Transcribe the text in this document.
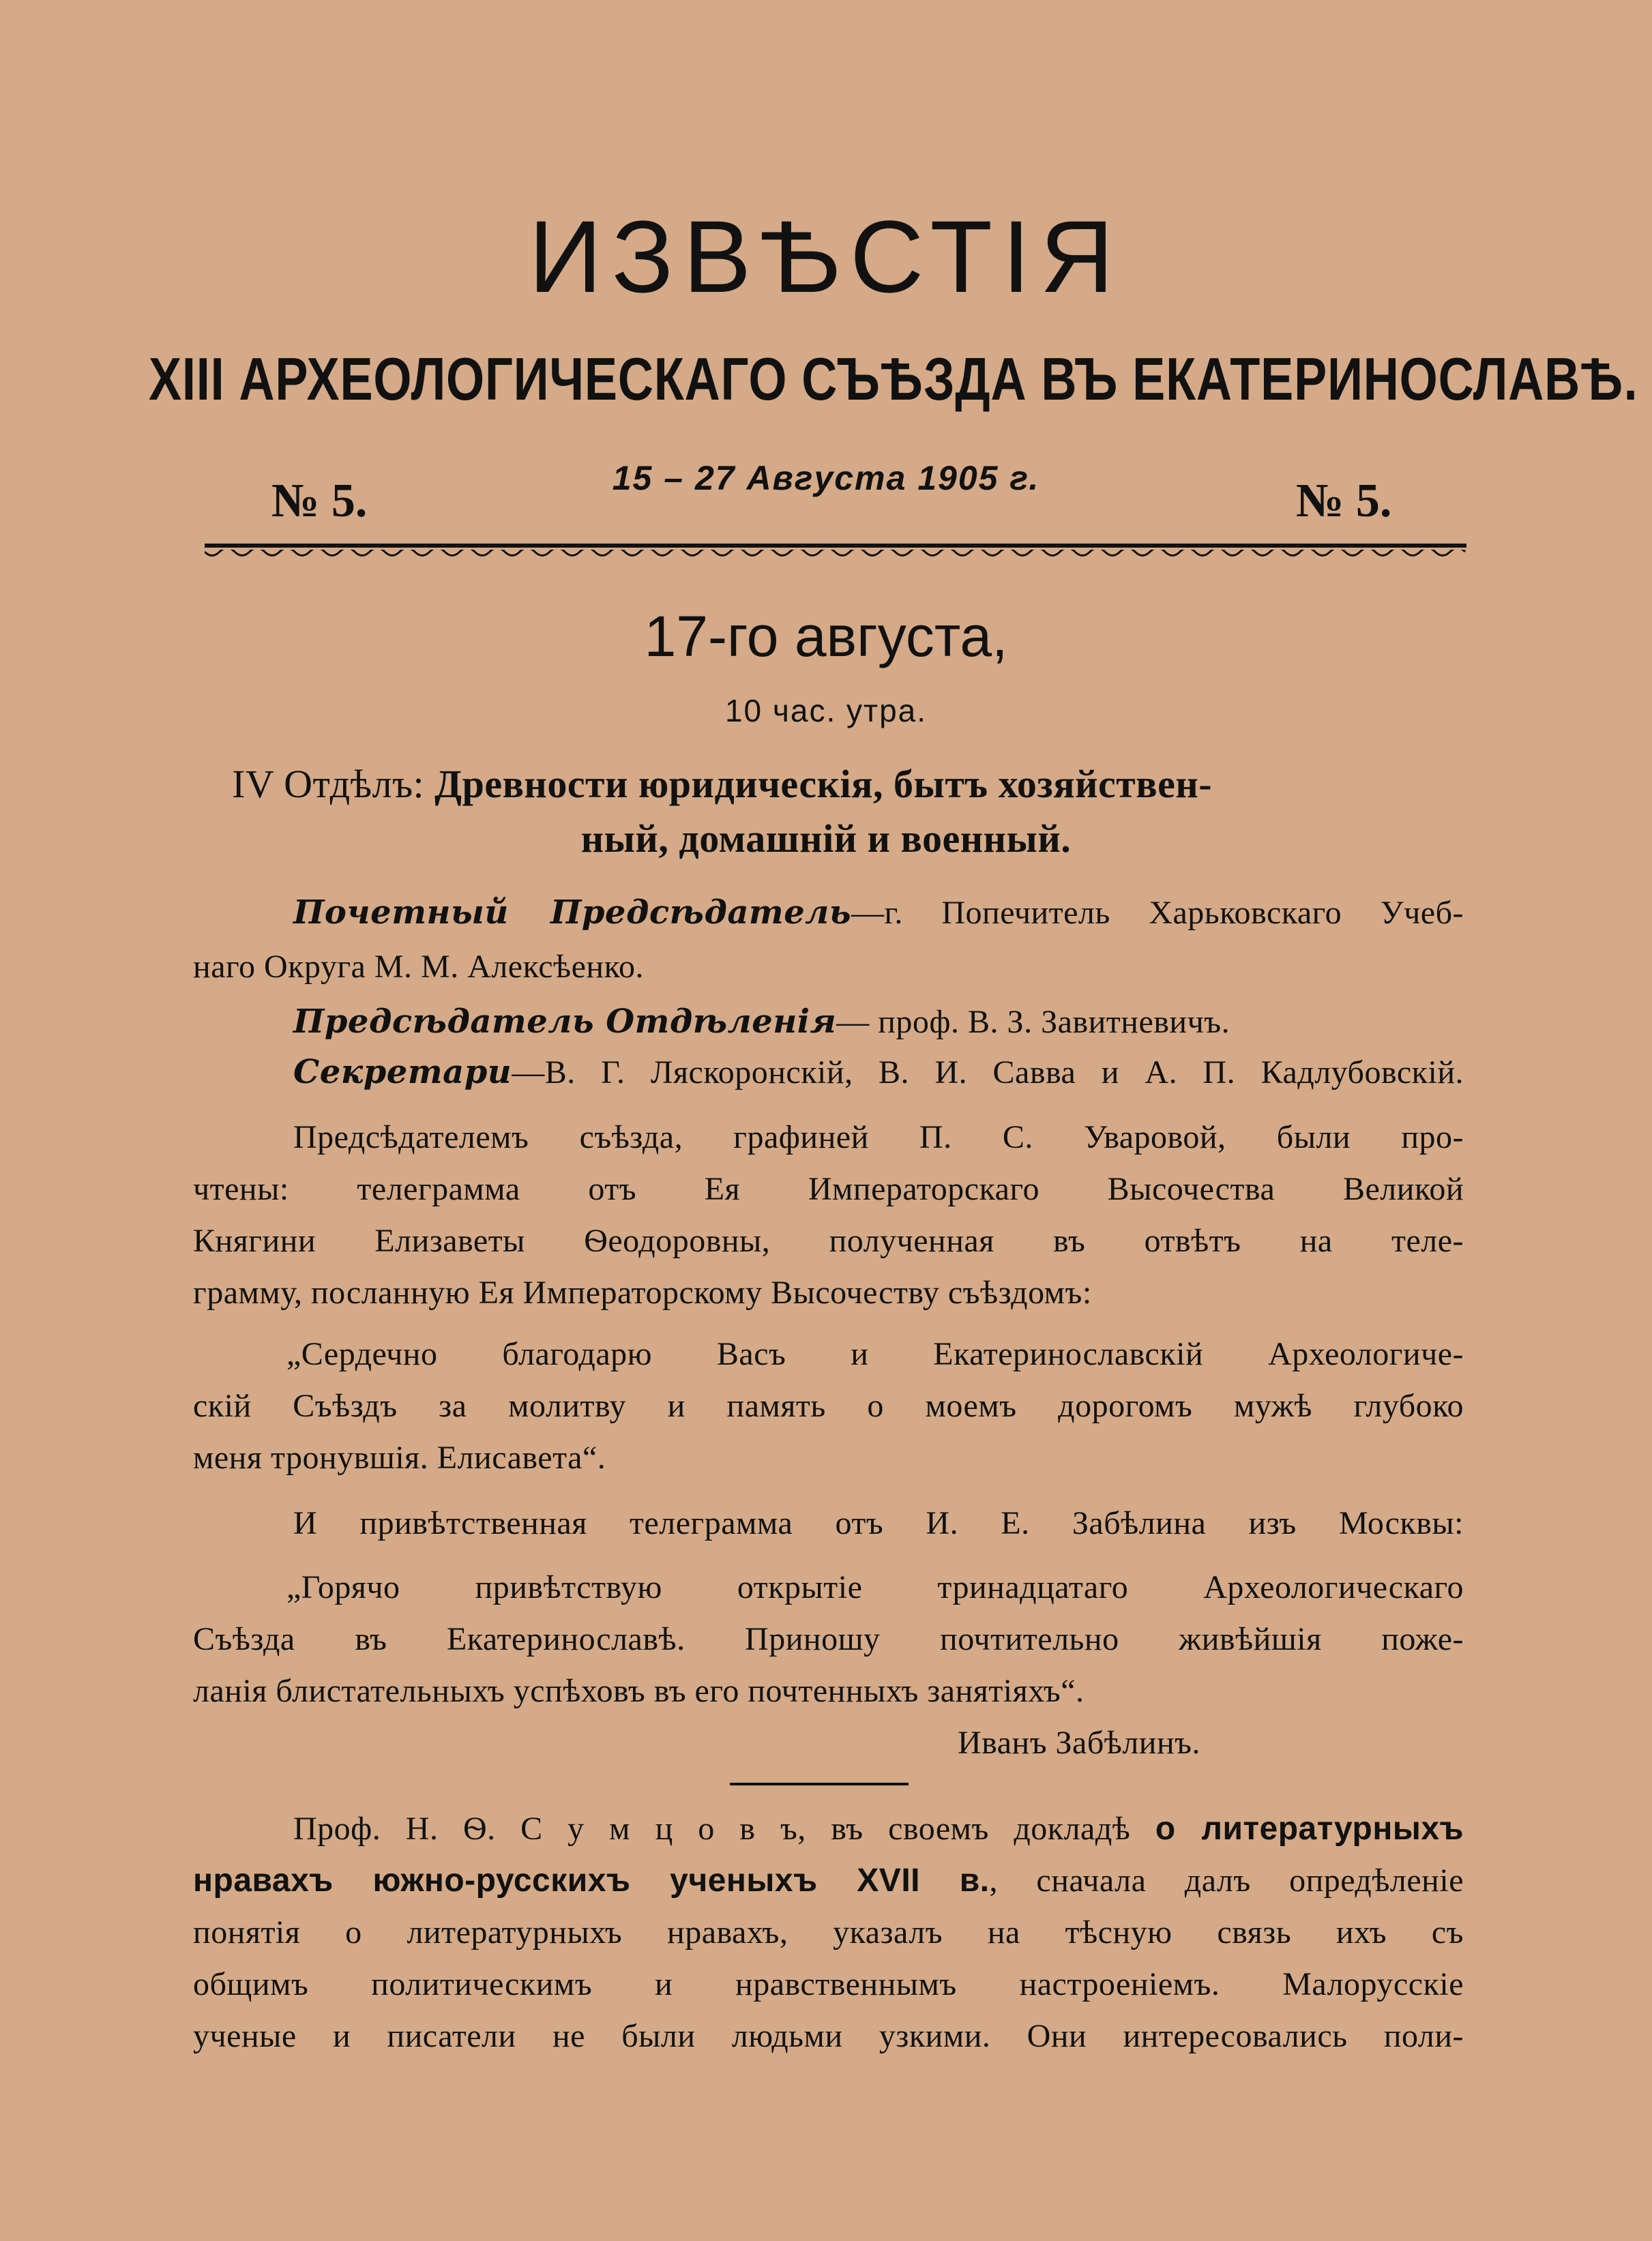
ИЗВѢСТІЯ
XIII АРХЕОЛОГИЧЕСКАГО СЪѢЗДА ВЪ ЕКАТЕРИНОСЛАВѢ.
№ 5.	15 – 27 Августа 1905 г.	№ 5.
17-го августа,
10 час. утра.
IV Отдѣлъ: Древности юридическія, бытъ хозяйствен-
ный, домашній и военный.
Почетный Предсѣдатель—г. Попечитель Харьковскаго Учеб-
наго Округа М. М. Алексѣенко.
Предсѣдатель Отдѣленія— проф. В. З. Завитневичъ.
Секретари—В. Г. Ляскоронскій, В. И. Савва и А. П. Кадлубовскій.
Предсѣдателемъ съѣзда, графиней П. С. Уваровой, были про-
чтены: телеграмма отъ Ея Императорскаго Высочества Великой
Княгини Елизаветы Ѳеодоровны, полученная въ отвѣтъ на теле-
грамму, посланную Ея Императорскому Высочеству съѣздомъ:
„Сердечно благодарю Васъ и Екатеринославскій Археологиче-
скій Съѣздъ за молитву и память о моемъ дорогомъ мужѣ глубоко
меня тронувшія. Елисавета“.
И привѣтственная телеграмма отъ И. Е. Забѣлина изъ Москвы:
„Горячо привѣтствую открытіе тринадцатаго Археологическаго
Съѣзда въ Екатеринославѣ. Приношу почтительно живѣйшія поже-
ланія блистательныхъ успѣховъ въ его почтенныхъ занятіяхъ“.
Иванъ Забѣлинъ.
Проф. Н. Ѳ. С у м ц о в ъ, въ своемъ докладѣ о литературныхъ
нравахъ южно-русскихъ ученыхъ XVII в., сначала далъ опредѣленіе
понятія о литературныхъ нравахъ, указалъ на тѣсную связь ихъ съ
общимъ политическимъ и нравственнымъ настроеніемъ. Малорусскіе
ученые и писатели не были людьми узкими. Они интересовались поли-
